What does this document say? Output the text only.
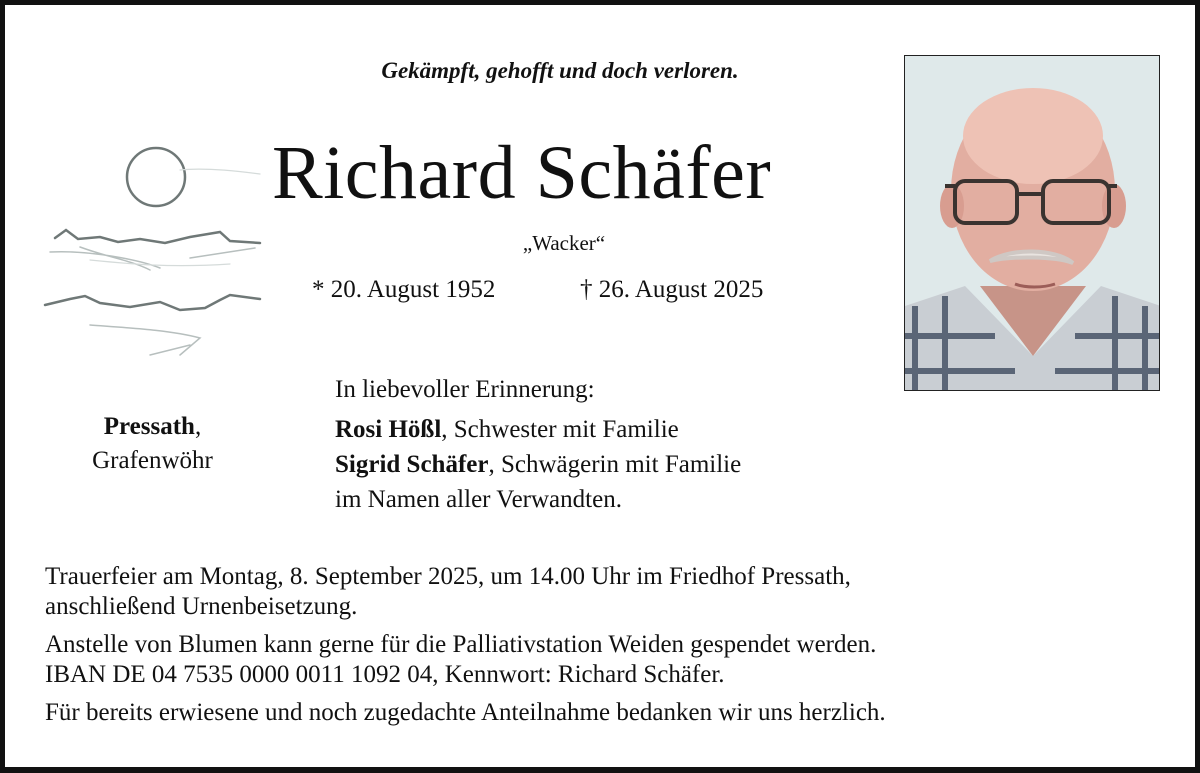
Gekämpft, gehofft und doch verloren.
Richard Schäfer
„Wacker“
* 20. August 1952	† 26. August 2025
In liebevoller Erinnerung:
Rosi Hößl, Schwester mit Familie
Sigrid Schäfer, Schwägerin mit Familie
im Namen aller Verwandten.
Pressath,
Grafenwöhr

Trauerfeier am Montag, 8. September 2025, um 14.00 Uhr im Friedhof Pressath,
anschließend Urnenbeisetzung.

Anstelle von Blumen kann gerne für die Palliativstation Weiden gespendet werden.
IBAN DE 04 7535 0000 0011 1092 04, Kennwort: Richard Schäfer.

Für bereits erwiesene und noch zugedachte Anteilnahme bedanken wir uns herzlich.
